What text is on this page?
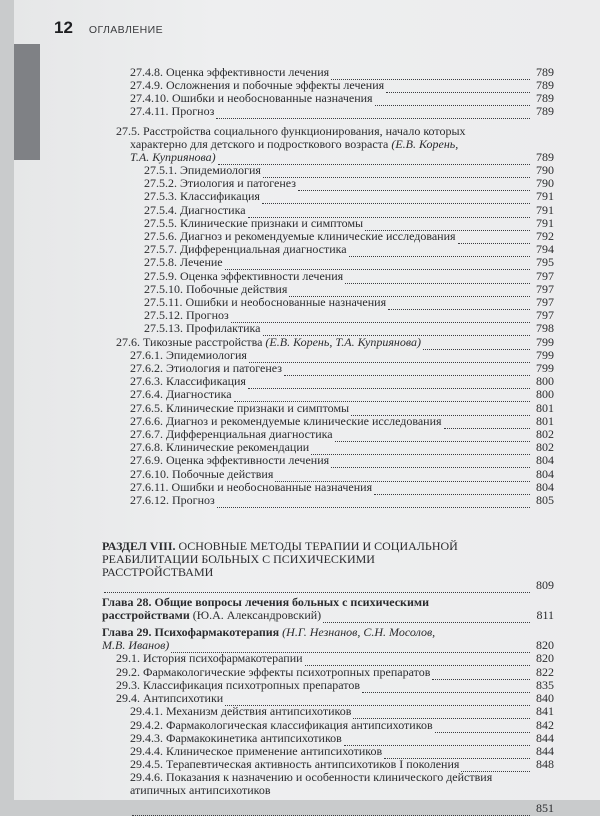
12 ОГЛАВЛЕНИЕ
27.4.8. Оценка эффективности лечения	789
27.4.9. Осложнения и побочные эффекты лечения	789
27.4.10. Ошибки и необоснованные назначения	789
27.4.11. Прогноз	789
27.5. Расстройства социального функционирования, начало которых
характерно для детского и подросткового возраста (Е.В. Корень,
Т.А. Куприянова)	789
27.5.1. Эпидемиология	790
27.5.2. Этиология и патогенез	790
27.5.3. Классификация	791
27.5.4. Диагностика	791
27.5.5. Клинические признаки и симптомы	791
27.5.6. Диагноз и рекомендуемые клинические исследования	792
27.5.7. Дифференциальная диагностика	794
27.5.8. Лечение	795
27.5.9. Оценка эффективности лечения	797
27.5.10. Побочные действия	797
27.5.11. Ошибки и необоснованные назначения	797
27.5.12. Прогноз	797
27.5.13. Профилактика	798
27.6. Тикозные расстройства (Е.В. Корень, Т.А. Куприянова)	799
27.6.1. Эпидемиология	799
27.6.2. Этиология и патогенез	799
27.6.3. Классификация	800
27.6.4. Диагностика	800
27.6.5. Клинические признаки и симптомы	801
27.6.6. Диагноз и рекомендуемые клинические исследования	801
27.6.7. Дифференциальная диагностика	802
27.6.8. Клинические рекомендации	802
27.6.9. Оценка эффективности лечения	804
27.6.10. Побочные действия	804
27.6.11. Ошибки и необоснованные назначения	804
27.6.12. Прогноз	805
РАЗДЕЛ VIII. ОСНОВНЫЕ МЕТОДЫ ТЕРАПИИ И СОЦИАЛЬНОЙ
РЕАБИЛИТАЦИИ БОЛЬНЫХ С ПСИХИЧЕСКИМИ
РАССТРОЙСТВАМИ
809
Глава 28. Общие вопросы лечения больных с психическими
расстройствами (Ю.А. Александровский)	811
Глава 29. Психофармакотерапия (Н.Г. Незнанов, С.Н. Мосолов,
М.В. Иванов)	820
29.1. История психофармакотерапии	820
29.2. Фармакологические эффекты психотропных препаратов	822
29.3. Классификация психотропных препаратов	835
29.4. Антипсихотики	840
29.4.1. Механизм действия антипсихотиков	841
29.4.2. Фармакологическая классификация антипсихотиков	842
29.4.3. Фармакокинетика антипсихотиков	844
29.4.4. Клиническое применение антипсихотиков	844
29.4.5. Терапевтическая активность антипсихотиков I поколения	848
29.4.6. Показания к назначению и особенности клинического действия
атипичных антипсихотиков
851
